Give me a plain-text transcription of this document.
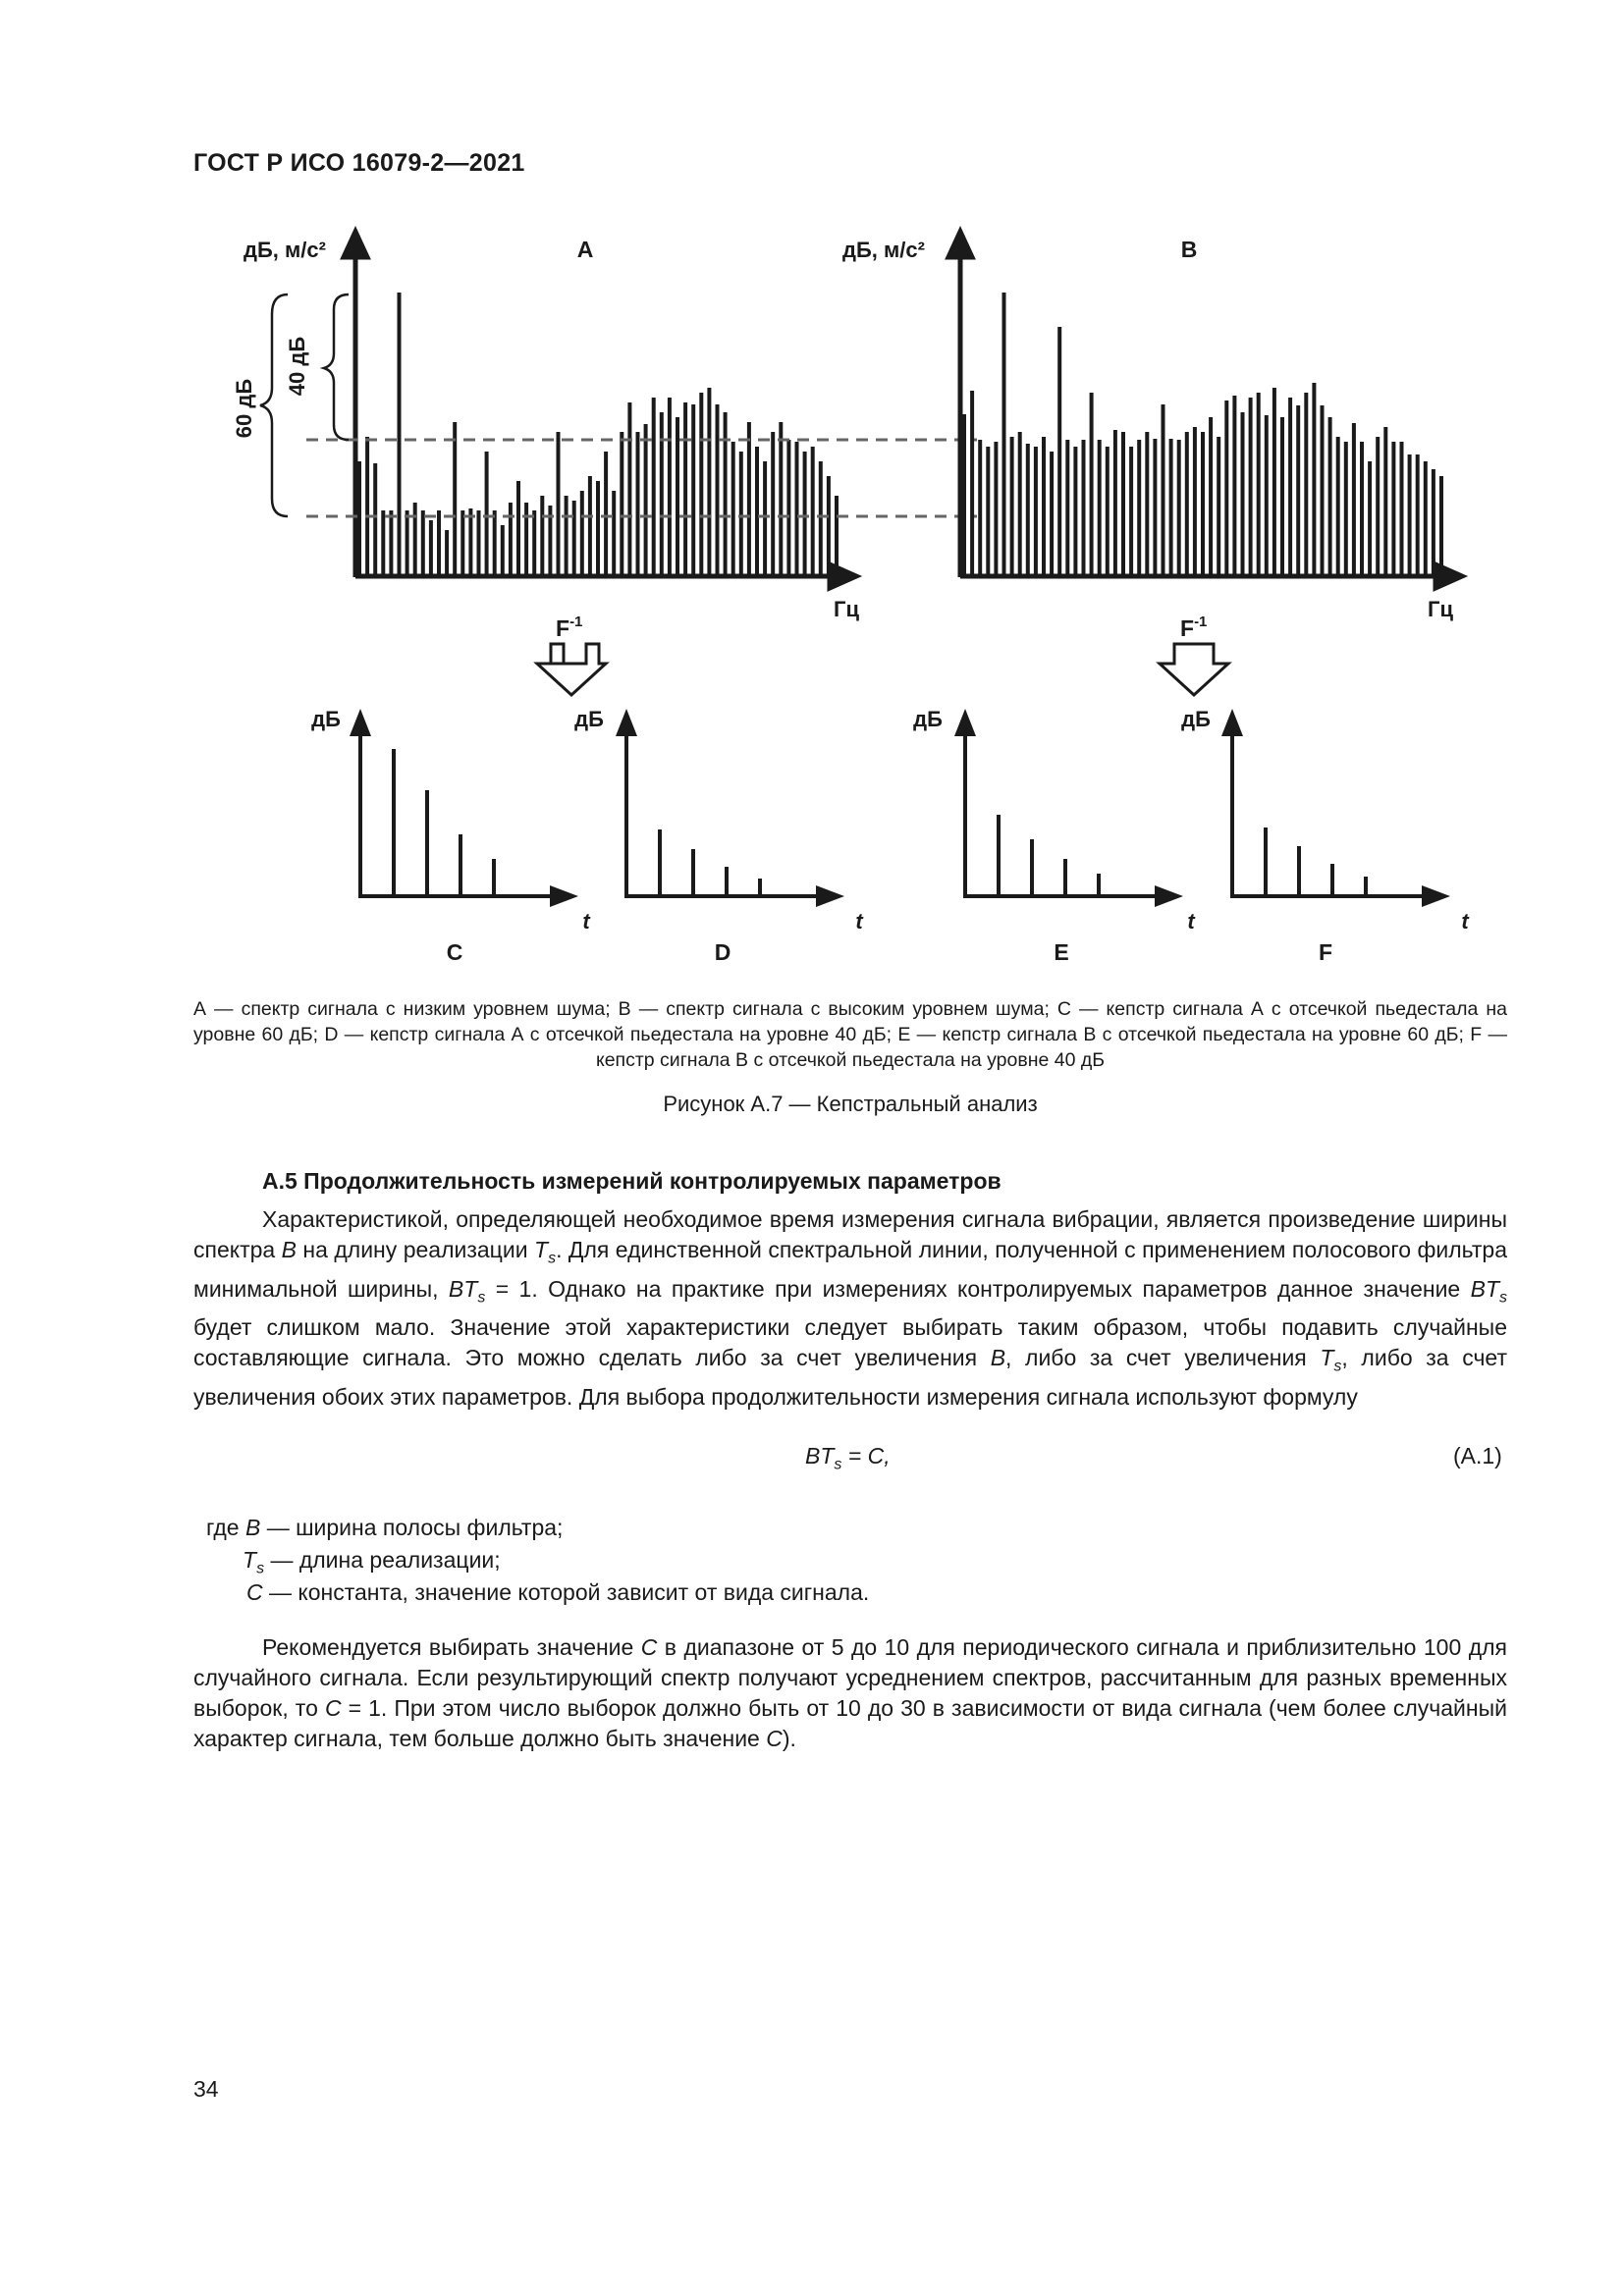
ГОСТ Р ИСО 16079-2—2021
дБ, м/с²	A
Гц
60 дБ
40 дБ
дБ, м/с²	B
Гц
$F^{-1}$	$F^{-1}$
дБ	дБ	дБ	дБ
t	t	t	t
C	D	E	F
А — спектр сигнала с низким уровнем шума; В — спектр сигнала с высоким уровнем шума; С — кепстр сигнала А с отсечкой пьедестала на уровне 60 дБ; D — кепстр сигнала А с отсечкой пьедестала на уровне 40 дБ; Е — кепстр сигнала В с отсечкой пьедестала на уровне 60 дБ; F — кепстр сигнала В с отсечкой пьедестала на уровне 40 дБ
Рисунок А.7 — Кепстральный анализ
А.5 Продолжительность измерений контролируемых параметров
Характеристикой, определяющей необходимое время измерения сигнала вибрации, является произведение ширины спектра B на длину реализации $T_s$. Для единственной спектральной линии, полученной с применением полосового фильтра минимальной ширины, $BT_s = 1$. Однако на практике при измерениях контролируемых параметров данное значение $BT_s$ будет слишком мало. Значение этой характеристики следует выбирать таким образом, чтобы подавить случайные составляющие сигнала. Это можно сделать либо за счет увеличения B, либо за счет увеличения $T_s$, либо за счет увеличения обоих этих параметров. Для выбора продолжительности измерения сигнала используют формулу
$BT_s = C$,	(А.1)
где B — ширина полосы фильтра;
$T_s$ — длина реализации;
C — константа, значение которой зависит от вида сигнала.
Рекомендуется выбирать значение C в диапазоне от 5 до 10 для периодического сигнала и приблизительно 100 для случайного сигнала. Если результирующий спектр получают усреднением спектров, рассчитанным для разных временных выборок, то C = 1. При этом число выборок должно быть от 10 до 30 в зависимости от вида сигнала (чем более случайный характер сигнала, тем больше должно быть значение C).
34
